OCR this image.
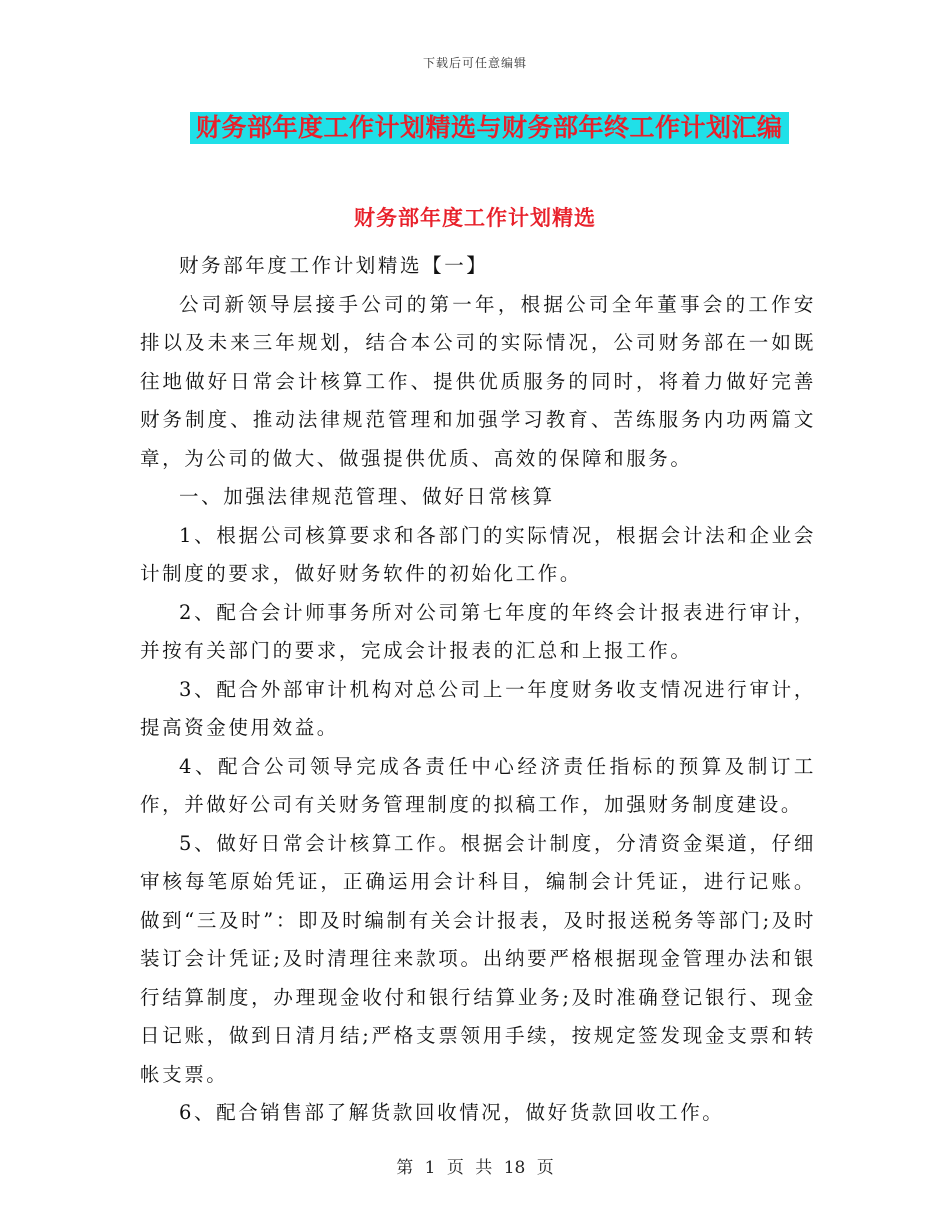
下载后可任意编辑
财务部年度工作计划精选与财务部年终工作计划汇编
财务部年度工作计划精选

财务部年度工作计划精选【一】

公司新领导层接手公司的第一年，根据公司全年董事会的工作安排以及未来三年规划，结合本公司的实际情况，公司财务部在一如既往地做好日常会计核算工作、提供优质服务的同时，将着力做好完善财务制度、推动法律规范管理和加强学习教育、苦练服务内功两篇文章，为公司的做大、做强提供优质、高效的保障和服务。

一、加强法律规范管理、做好日常核算

1、根据公司核算要求和各部门的实际情况，根据会计法和企业会计制度的要求，做好财务软件的初始化工作。

2、配合会计师事务所对公司第七年度的年终会计报表进行审计，并按有关部门的要求，完成会计报表的汇总和上报工作。

3、配合外部审计机构对总公司上一年度财务收支情况进行审计，提高资金使用效益。

4、配合公司领导完成各责任中心经济责任指标的预算及制订工作，并做好公司有关财务管理制度的拟稿工作，加强财务制度建设。

5、做好日常会计核算工作。根据会计制度，分清资金渠道，仔细审核每笔原始凭证，正确运用会计科目，编制会计凭证，进行记账。做到“三及时”：即及时编制有关会计报表，及时报送税务等部门;及时装订会计凭证;及时清理往来款项。出纳要严格根据现金管理办法和银行结算制度，办理现金收付和银行结算业务;及时准确登记银行、现金日记账，做到日清月结;严格支票领用手续，按规定签发现金支票和转帐支票。

6、配合销售部了解货款回收情况，做好货款回收工作。

第 1 页 共 18 页
